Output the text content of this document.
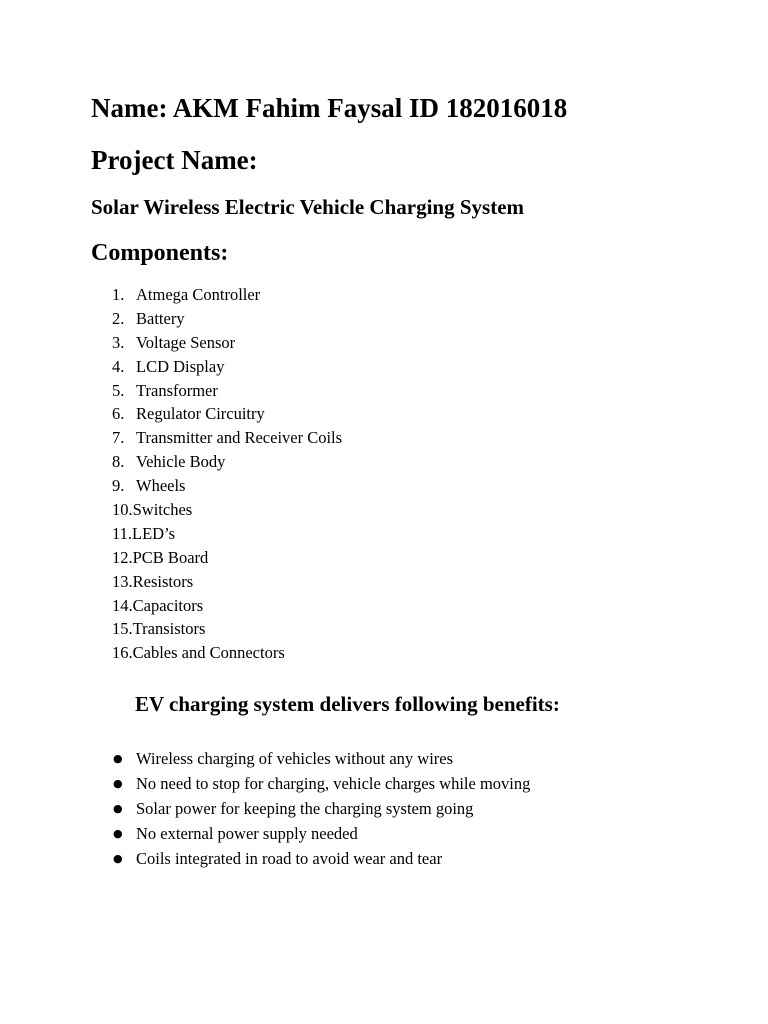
Name: AKM Fahim Faysal ID 182016018
Project Name:
Solar Wireless Electric Vehicle Charging System
Components:
1. Atmega Controller
2. Battery
3. Voltage Sensor
4. LCD Display
5. Transformer
6. Regulator Circuitry
7. Transmitter and Receiver Coils
8. Vehicle Body
9. Wheels
10.Switches
11.LED’s
12.PCB Board
13.Resistors
14.Capacitors
15.Transistors
16.Cables and Connectors
EV charging system delivers following benefits:
● Wireless charging of vehicles without any wires
● No need to stop for charging, vehicle charges while moving
● Solar power for keeping the charging system going
● No external power supply needed
● Coils integrated in road to avoid wear and tear
